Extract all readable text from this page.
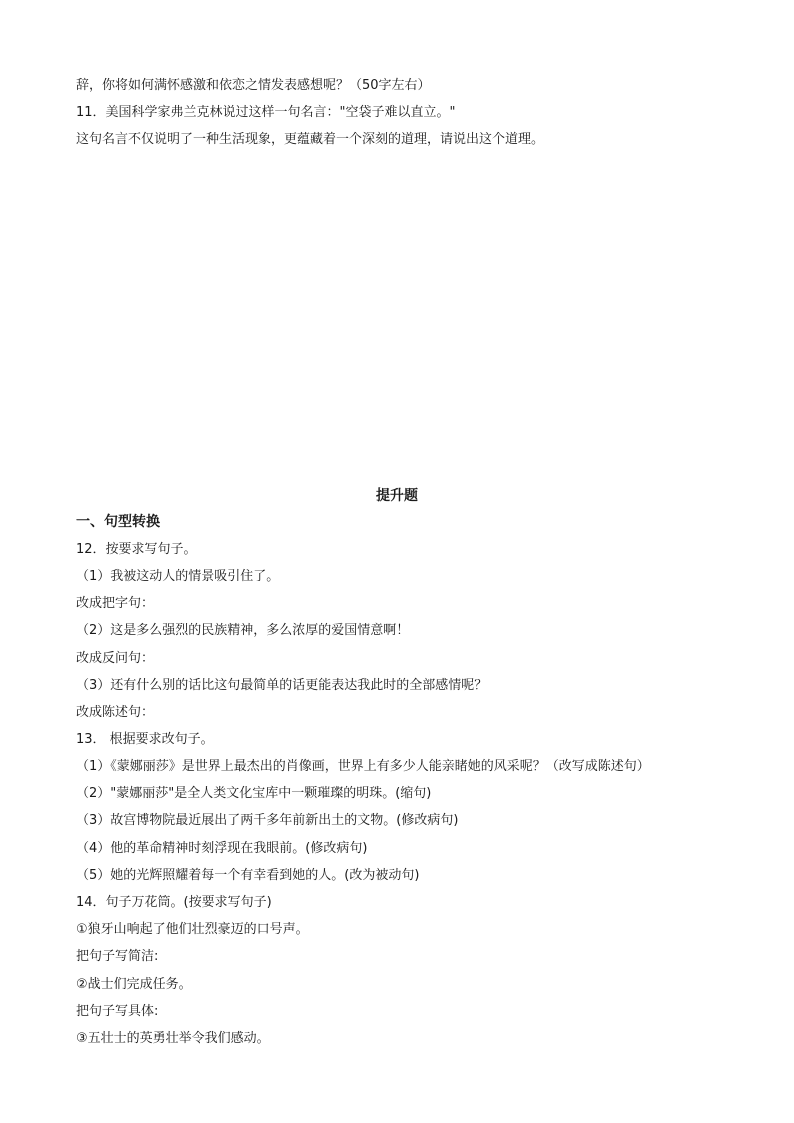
辞，你将如何满怀感激和依恋之情发表感想呢？（50字左右）
11．美国科学家弗兰克林说过这样一句名言："空袋子难以直立。"
这句名言不仅说明了一种生活现象，更蕴藏着一个深刻的道理，请说出这个道理。
提升题
一、句型转换
12．按要求写句子。
（1）我被这动人的情景吸引住了。
改成把字句：
（2）这是多么强烈的民族精神，多么浓厚的爱国情意啊！
改成反问句：
（3）还有什么别的话比这句最简单的话更能表达我此时的全部感情呢？
改成陈述句：
13． 根据要求改句子。
（1）《蒙娜丽莎》是世界上最杰出的肖像画，世界上有多少人能亲睹她的风采呢？（改写成陈述句）
（2）"蒙娜丽莎"是全人类文化宝库中一颗璀璨的明珠。(缩句)
（3）故宫博物院最近展出了两千多年前新出土的文物。(修改病句)
（4）他的革命精神时刻浮现在我眼前。(修改病句)
（5）她的光辉照耀着每一个有幸看到她的人。(改为被动句)
14．句子万花筒。(按要求写句子)
①狼牙山响起了他们壮烈豪迈的口号声。
把句子写简洁:
②战士们完成任务。
把句子写具体:
③五壮士的英勇壮举令我们感动。
